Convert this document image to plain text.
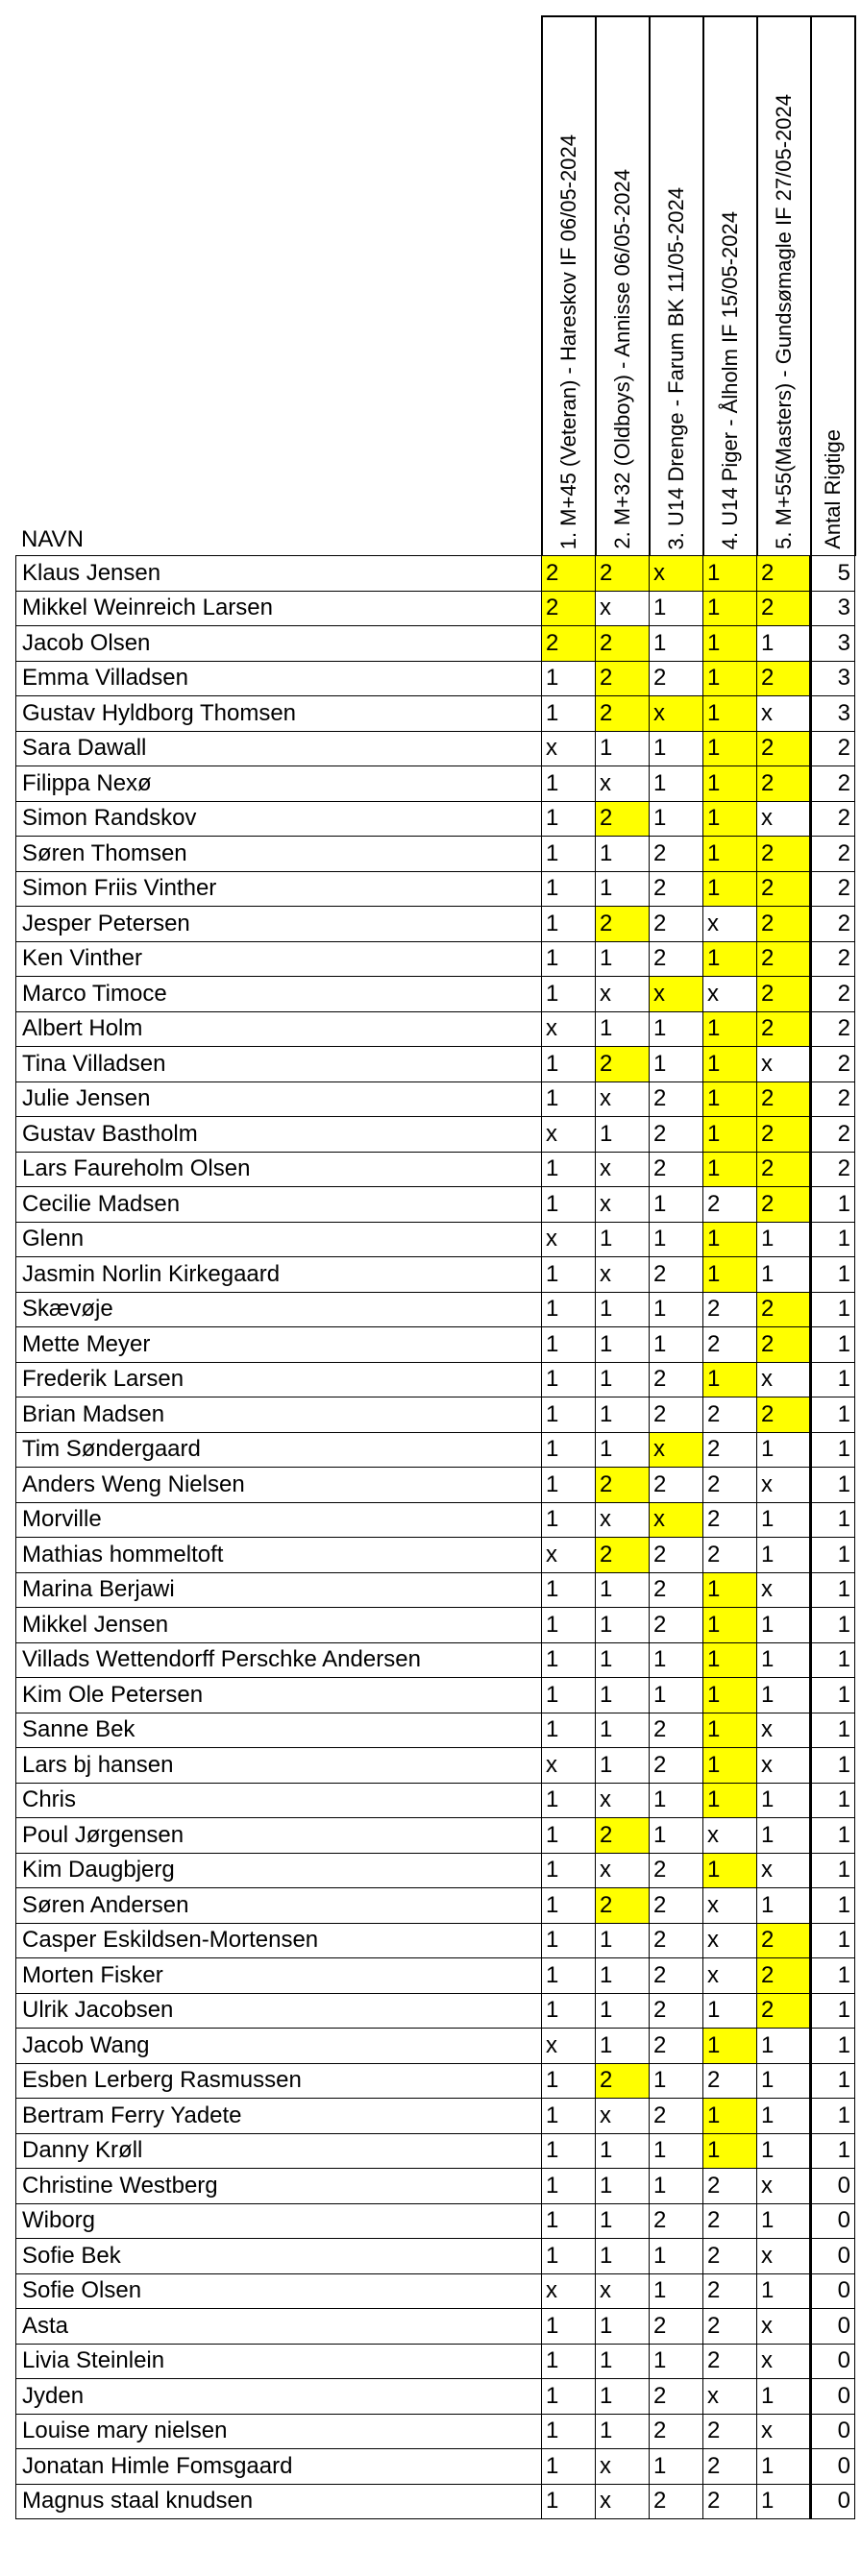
NAVN

	1. M+45 (Veteran) - Hareskov IF 06/05-2024	2. M+32 (Oldboys) - Annisse 06/05-2024	3. U14 Drenge - Farum BK 11/05-2024	4. U14 Piger - Ålholm IF 15/05-2024	5. M+55(Masters) - Gundsømagle IF 27/05-2024	Antal Rigtige

Klaus Jensen	2	2	x	1	2	5
Mikkel Weinreich Larsen	2	x	1	1	2	3
Jacob Olsen	2	2	1	1	1	3
Emma Villadsen	1	2	2	1	2	3
Gustav Hyldborg Thomsen	1	2	x	1	x	3
Sara Dawall	x	1	1	1	2	2
Filippa Nexø	1	x	1	1	2	2
Simon Randskov	1	2	1	1	x	2
Søren Thomsen	1	1	2	1	2	2
Simon Friis Vinther	1	1	2	1	2	2
Jesper Petersen	1	2	2	x	2	2
Ken Vinther	1	1	2	1	2	2
Marco Timoce	1	x	x	x	2	2
Albert Holm	x	1	1	1	2	2
Tina Villadsen	1	2	1	1	x	2
Julie Jensen	1	x	2	1	2	2
Gustav Bastholm	x	1	2	1	2	2
Lars Faureholm Olsen	1	x	2	1	2	2
Cecilie Madsen	1	x	1	2	2	1
Glenn	x	1	1	1	1	1
Jasmin Norlin Kirkegaard	1	x	2	1	1	1
Skævøje	1	1	1	2	2	1
Mette Meyer	1	1	1	2	2	1
Frederik Larsen	1	1	2	1	x	1
Brian Madsen	1	1	2	2	2	1
Tim Søndergaard	1	1	x	2	1	1
Anders Weng Nielsen	1	2	2	2	x	1
Morville	1	x	x	2	1	1
Mathias hommeltoft	x	2	2	2	1	1
Marina Berjawi	1	1	2	1	x	1
Mikkel Jensen	1	1	2	1	1	1
Villads Wettendorff Perschke Andersen	1	1	1	1	1	1
Kim Ole Petersen	1	1	1	1	1	1
Sanne Bek	1	1	2	1	x	1
Lars bj hansen	x	1	2	1	x	1
Chris	1	x	1	1	1	1
Poul Jørgensen	1	2	1	x	1	1
Kim Daugbjerg	1	x	2	1	x	1
Søren Andersen	1	2	2	x	1	1
Casper Eskildsen-Mortensen	1	1	2	x	2	1
Morten Fisker	1	1	2	x	2	1
Ulrik Jacobsen	1	1	2	1	2	1
Jacob Wang	x	1	2	1	1	1
Esben Lerberg Rasmussen	1	2	1	2	1	1
Bertram Ferry Yadete	1	x	2	1	1	1
Danny Krøll	1	1	1	1	1	1
Christine Westberg	1	1	1	2	x	0
Wiborg	1	1	2	2	1	0
Sofie Bek	1	1	1	2	x	0
Sofie Olsen	x	x	1	2	1	0
Asta	1	1	2	2	x	0
Livia Steinlein	1	1	1	2	x	0
Jyden	1	1	2	x	1	0
Louise mary nielsen	1	1	2	2	x	0
Jonatan Himle Fomsgaard	1	x	1	2	1	0
Magnus staal knudsen	1	x	2	2	1	0
